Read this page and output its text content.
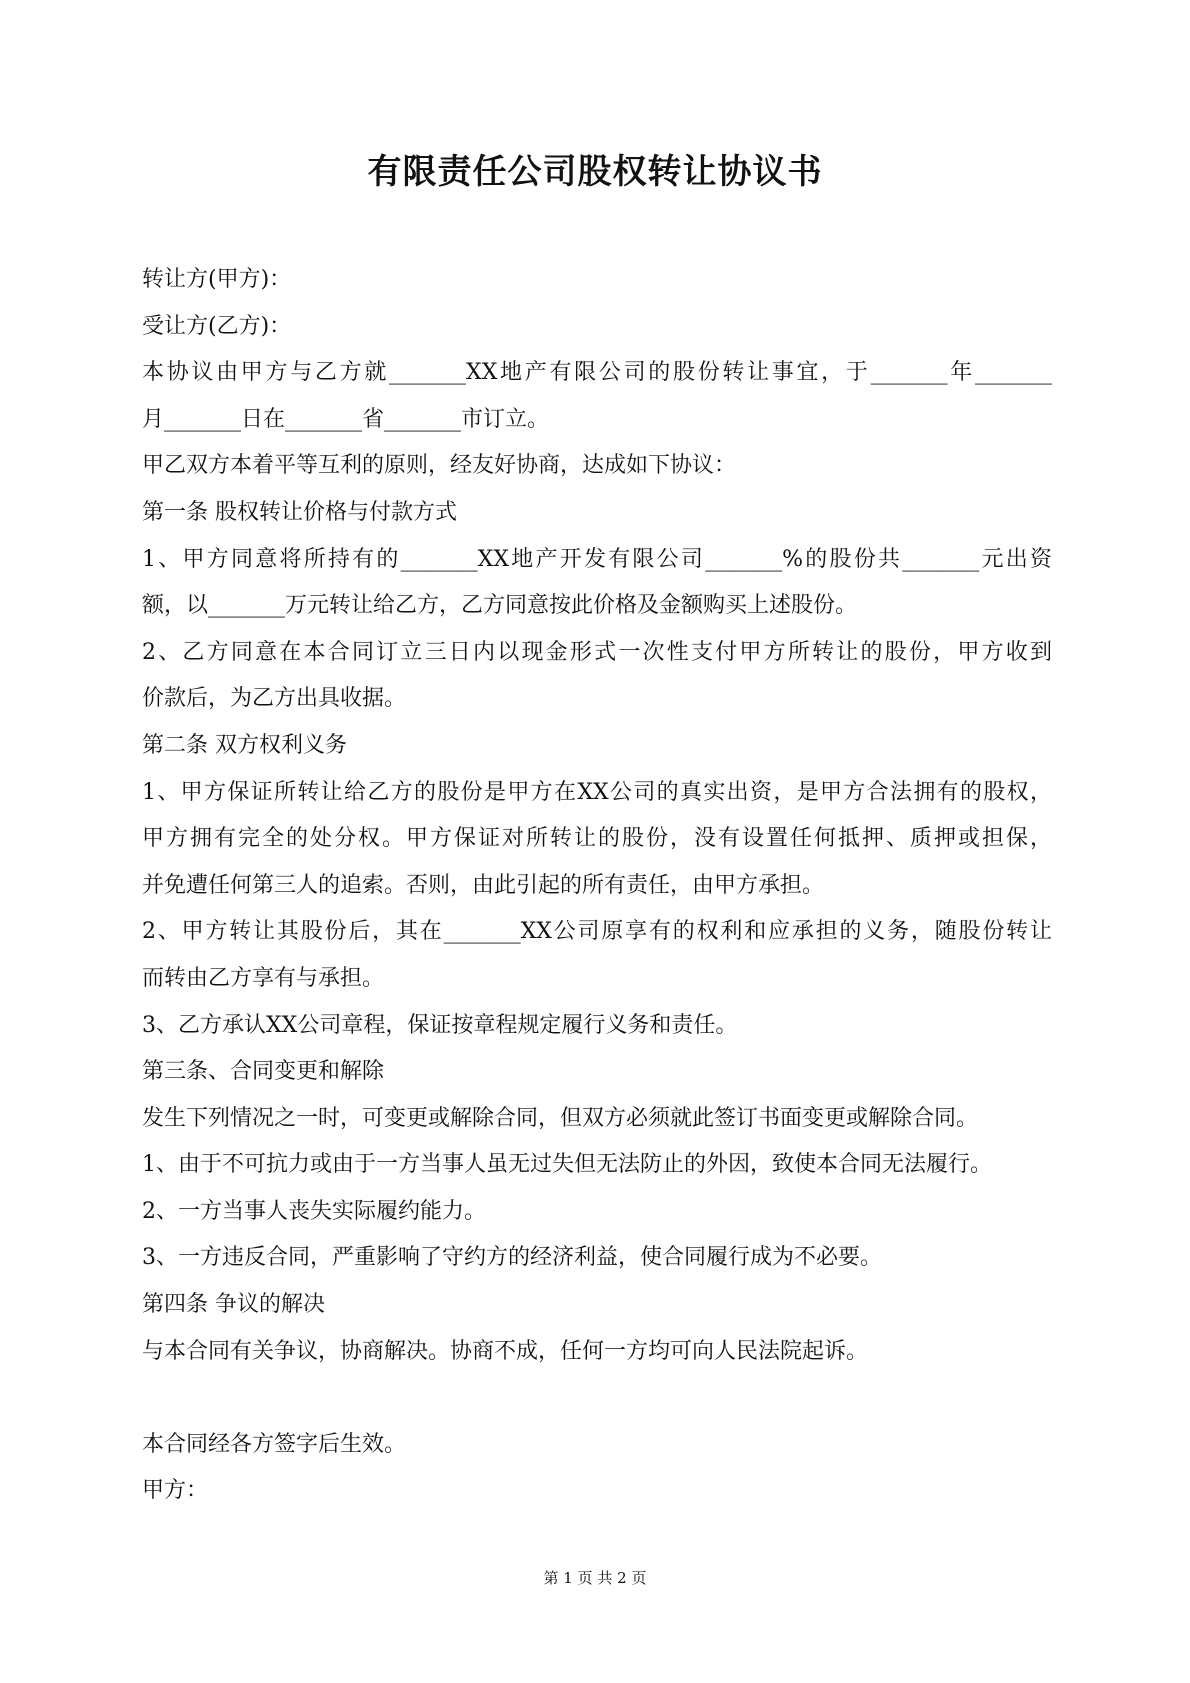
有限责任公司股权转让协议书

转让方(甲方)：

受让方(乙方)：

本协议由甲方与乙方就_______XX地产有限公司的股份转让事宜，于_______年_______

月_______日在_______省_______市订立。

甲乙双方本着平等互利的原则，经友好协商，达成如下协议：

第一条 股权转让价格与付款方式

1、甲方同意将所持有的_______XX地产开发有限公司_______%的股份共_______元出资

额，以_______万元转让给乙方，乙方同意按此价格及金额购买上述股份。

2、乙方同意在本合同订立三日内以现金形式一次性支付甲方所转让的股份，甲方收到

价款后，为乙方出具收据。

第二条 双方权利义务

1、甲方保证所转让给乙方的股份是甲方在XX公司的真实出资，是甲方合法拥有的股权，

甲方拥有完全的处分权。甲方保证对所转让的股份，没有设置任何抵押、质押或担保，

并免遭任何第三人的追索。否则，由此引起的所有责任，由甲方承担。

2、甲方转让其股份后，其在_______XX公司原享有的权利和应承担的义务，随股份转让

而转由乙方享有与承担。

3、乙方承认XX公司章程，保证按章程规定履行义务和责任。

第三条、合同变更和解除

发生下列情况之一时，可变更或解除合同，但双方必须就此签订书面变更或解除合同。

1、由于不可抗力或由于一方当事人虽无过失但无法防止的外因，致使本合同无法履行。

2、一方当事人丧失实际履约能力。

3、一方违反合同，严重影响了守约方的经济利益，使合同履行成为不必要。

第四条 争议的解决

与本合同有关争议，协商解决。协商不成，任何一方均可向人民法院起诉。

本合同经各方签字后生效。

甲方：

第 1 页 共 2 页
